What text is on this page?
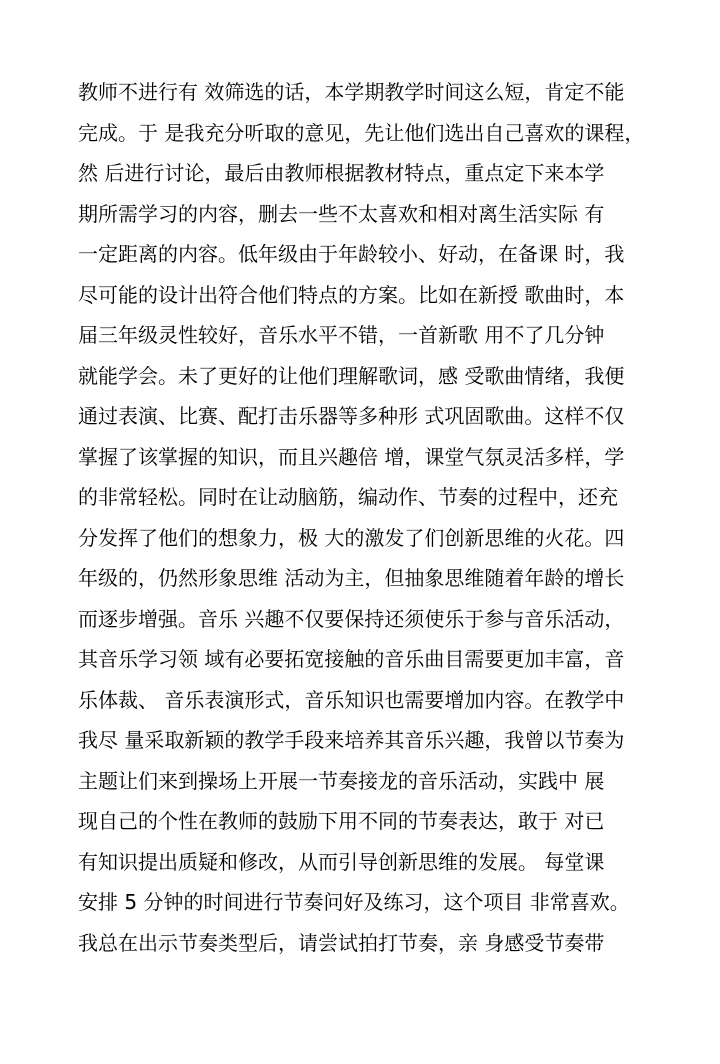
教师不进行有 效筛选的话，本学期教学时间这么短，肯定不能
完成。于 是我充分听取的意见，先让他们选出自己喜欢的课程，
然 后进行讨论，最后由教师根据教材特点，重点定下来本学
期所需学习的内容，删去一些不太喜欢和相对离生活实际 有
一定距离的内容。低年级由于年龄较小、好动，在备课 时，我
尽可能的设计出符合他们特点的方案。比如在新授 歌曲时，本
届三年级灵性较好，音乐水平不错，一首新歌 用不了几分钟
就能学会。未了更好的让他们理解歌词，感 受歌曲情绪，我便
通过表演、比赛、配打击乐器等多种形 式巩固歌曲。这样不仅
掌握了该掌握的知识，而且兴趣倍 增，课堂气氛灵活多样，学
的非常轻松。同时在让动脑筋，编动作、节奏的过程中，还充
分发挥了他们的想象力，极 大的激发了们创新思维的火花。四
年级的，仍然形象思维 活动为主，但抽象思维随着年龄的增长
而逐步增强。音乐 兴趣不仅要保持还须使乐于参与音乐活动，
其音乐学习领 域有必要拓宽接触的音乐曲目需要更加丰富，音
乐体裁、 音乐表演形式，音乐知识也需要增加内容。在教学中
我尽 量采取新颖的教学手段来培养其音乐兴趣，我曾以节奏为
主题让们来到操场上开展一节奏接龙的音乐活动，实践中 展
现自己的个性在教师的鼓励下用不同的节奏表达，敢于 对已
有知识提出质疑和修改，从而引导创新思维的发展。 每堂课
安排 5 分钟的时间进行节奏问好及练习，这个项目 非常喜欢。
我总在出示节奏类型后，请尝试拍打节奏，亲 身感受节奏带
